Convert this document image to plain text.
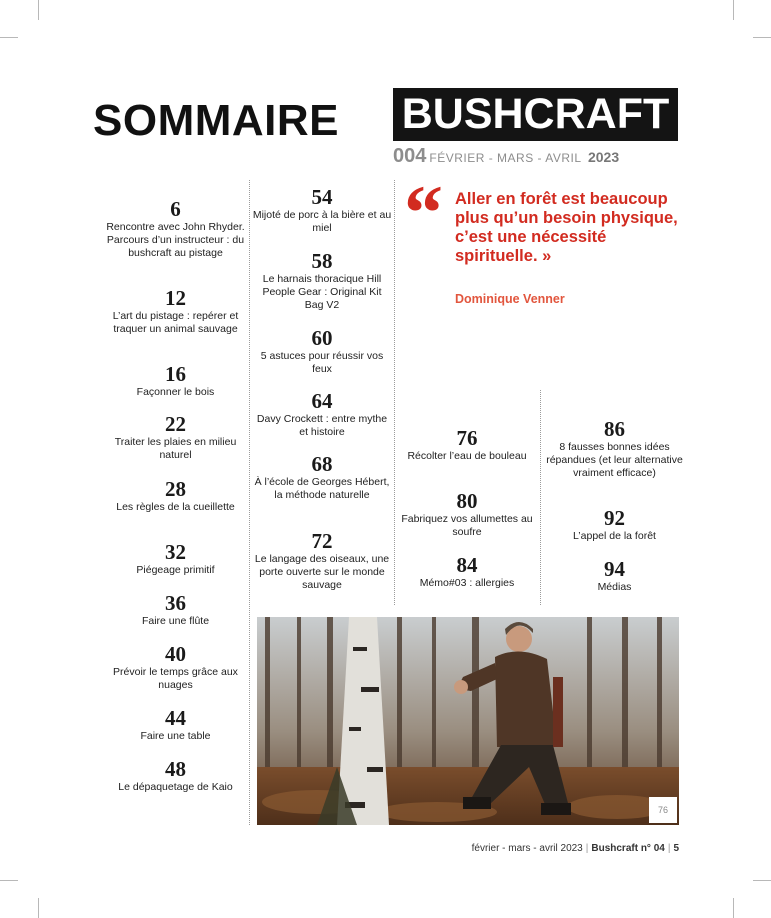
SOMMAIRE BUSHCRAFT
004 FÉVRIER - MARS - AVRIL 2023
6
Rencontre avec John Rhyder. Parcours d’un instructeur : du bushcraft au pistage
12
L’art du pistage : repérer et traquer un animal sauvage
16
Façonner le bois
22
Traiter les plaies en milieu naturel
28
Les règles de la cueillette
32
Piégeage primitif
36
Faire une flûte
40
Prévoir le temps grâce aux nuages
44
Faire une table
48
Le dépaquetage de Kaio
54
Mijoté de porc à la bière et au miel
58
Le harnais thoracique Hill People Gear : Original Kit Bag V2
60
5 astuces pour réussir vos feux
64
Davy Crockett : entre mythe et histoire
68
À l’école de Georges Hébert, la méthode naturelle
72
Le langage des oiseaux, une porte ouverte sur le monde sauvage
76
Récolter l’eau de bouleau
80
Fabriquez vos allumettes au soufre
84
Mémo#03 : allergies
86
8 fausses bonnes idées répandues (et leur alternative vraiment efficace)
92
L’appel de la forêt
94
Médias
“ Aller en forêt est beaucoup plus qu’un besoin physique, c’est une nécessité spirituelle. »
Dominique Venner
76
février - mars - avril 2023 | Bushcraft n° 04 | 5
